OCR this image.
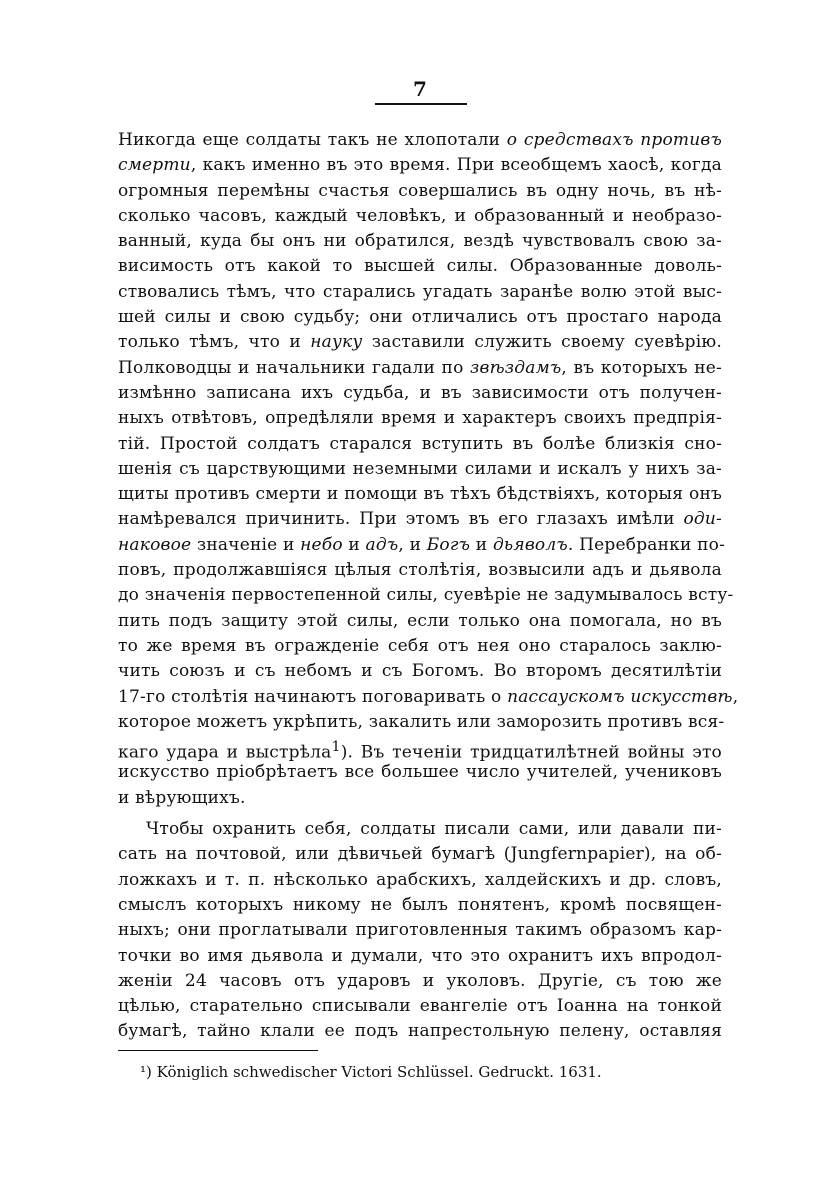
7
Никогда еще солдаты такъ не хлопотали о средствахъ противъ
смерти, какъ именно въ это время. При всеобщемъ хаосѣ, когда
огромныя перемѣны счастья совершались въ одну ночь, въ нѣ-
сколько часовъ, каждый человѣкъ, и образованный и необразо-
ванный, куда бы онъ ни обратился, вездѣ чувствовалъ свою за-
висимость отъ какой то высшей силы. Образованные доволь-
ствовались тѣмъ, что старались угадать заранѣе волю этой выс-
шей силы и свою судьбу; они отличались отъ простаго народа
только тѣмъ, что и науку заставили служить своему суевѣрію.
Полководцы и начальники гадали по звѣздамъ, въ которыхъ не-
измѣнно записана ихъ судьба, и въ зависимости отъ получен-
ныхъ отвѣтовъ, опредѣляли время и характеръ своихъ предпрія-
тій. Простой солдатъ старался вступить въ болѣе близкія сно-
шенія съ царствующими неземными силами и искалъ у нихъ за-
щиты противъ смерти и помощи въ тѣхъ бѣдствіяхъ, которыя онъ
намѣревался причинить. При этомъ въ его глазахъ имѣли оди-
наковое значеніе и небо и адъ, и Богъ и дьяволъ. Перебранки по-
повъ, продолжавшіяся цѣлыя столѣтія, возвысили адъ и дьявола
до значенія первостепенной силы, суевѣріе не задумывалось всту-
пить подъ защиту этой силы, если только она помогала, но въ
то же время въ огражденіе себя отъ нея оно старалось заклю-
чить союзъ и съ небомъ и съ Богомъ. Во второмъ десятилѣтіи
17-го столѣтія начинаютъ поговаривать о пассаускомъ искусствѣ,
которое можетъ укрѣпить, закалить или заморозить противъ вся-
каго удара и выстрѣла$^1$). Въ теченіи тридцатилѣтней войны это
искусство пріобрѣтаетъ все большее число учителей, учениковъ
и вѣрующихъ.
Чтобы охранить себя, солдаты писали сами, или давали пи-
сать на почтовой, или дѣвичьей бумагѣ (Jungfernpapier), на об-
ложкахъ и т. п. нѣсколько арабскихъ, халдейскихъ и др. словъ,
смыслъ которыхъ никому не былъ понятенъ, кромѣ посвящен-
ныхъ; они проглатывали приготовленныя такимъ образомъ кар-
точки во имя дьявола и думали, что это охранитъ ихъ впродол-
женіи 24 часовъ отъ ударовъ и уколовъ. Другіе, съ тою же
цѣлью, старательно списывали евангеліе отъ Іоанна на тонкой
бумагѣ, тайно клали ее подъ напрестольную пелену, оставляя
¹) Königlich schwedischer Victori Schlüssel. Gedruckt. 1631.
